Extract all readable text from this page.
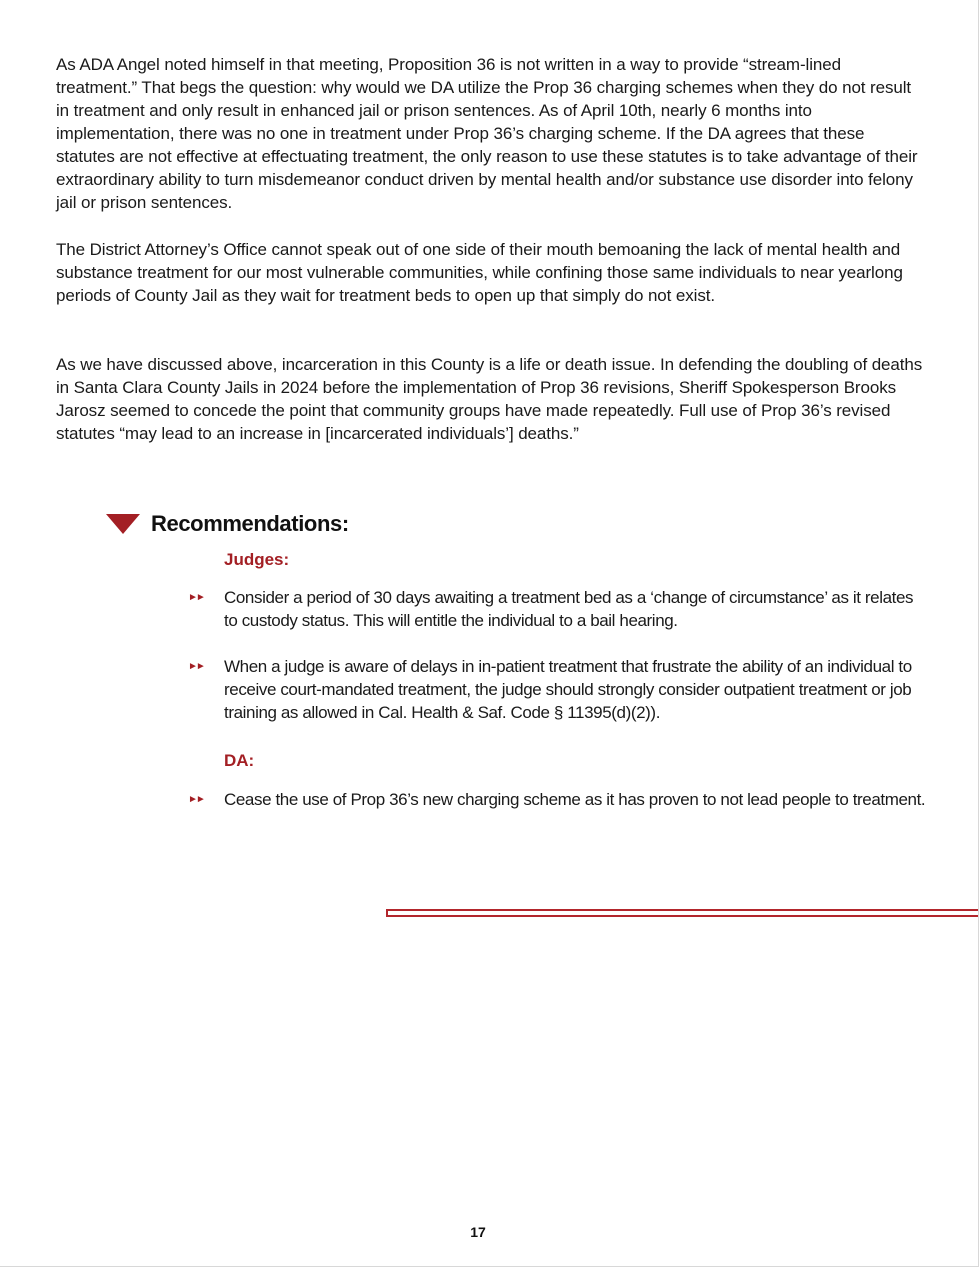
As ADA Angel noted himself in that meeting, Proposition 36 is not written in a way to provide “stream-lined treatment.” That begs the question: why would we DA utilize the Prop 36 charging schemes when they do not result in treatment and only result in enhanced jail or prison sentences. As of April 10th, nearly 6 months into implementation, there was no one in treatment under Prop 36’s charging scheme. If the DA agrees that these statutes are not effective at effectuating treatment, the only reason to use these statutes is to take advantage of their extraordinary ability to turn misdemeanor conduct driven by mental health and/or substance use disorder into felony jail or prison sentences.

The District Attorney’s Office cannot speak out of one side of their mouth bemoaning the lack of mental health and substance treatment for our most vulnerable communities, while confining those same individuals to near yearlong periods of County Jail as they wait for treatment beds to open up that simply do not exist.

As we have discussed above, incarceration in this County is a life or death issue. In defending the doubling of deaths in Santa Clara County Jails in 2024 before the implementation of Prop 36 revisions, Sheriff Spokesperson Brooks Jarosz seemed to concede the point that community groups have made repeatedly. Full use of Prop 36’s revised statutes “may lead to an increase in [incarcerated individuals’] deaths.”

Recommendations:
Judges:
►► Consider a period of 30 days awaiting a treatment bed as a ‘change of circumstance’ as it relates to custody status. This will entitle the individual to a bail hearing.

►► When a judge is aware of delays in in-patient treatment that frustrate the ability of an individual to receive court-mandated treatment, the judge should strongly consider outpatient treatment or job training as allowed in Cal. Health & Saf. Code § 11395(d)(2)).

DA:
►► Cease the use of Prop 36’s new charging scheme as it has proven to not lead people to treatment.

17
